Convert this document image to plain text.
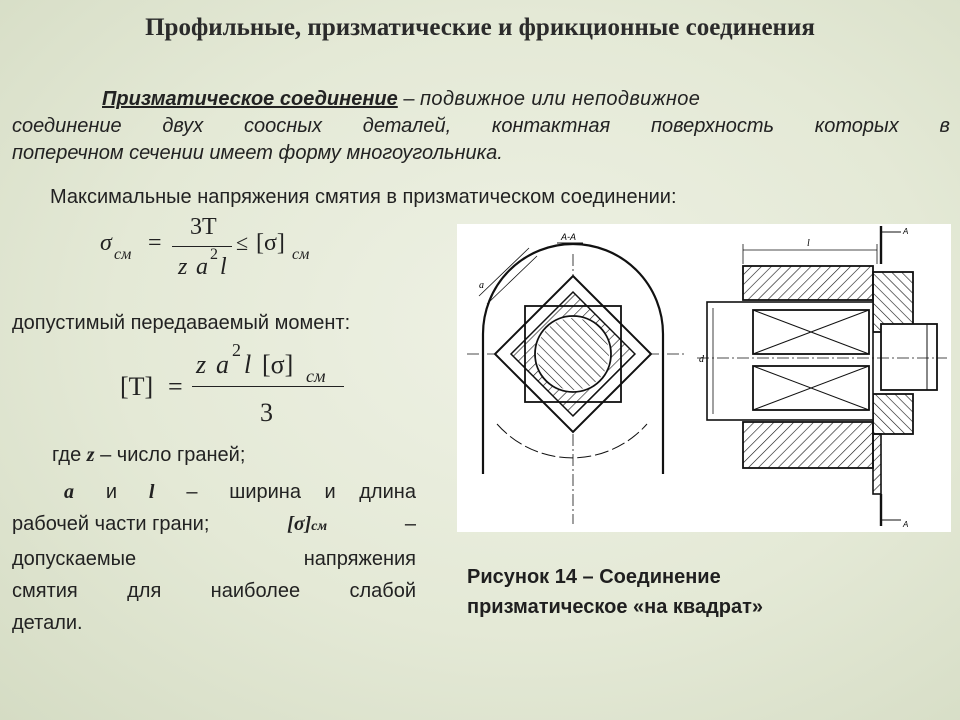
Профильные, призматические и фрикционные соединения
Призматическое соединение – подвижное или неподвижное
соединение двух соосных деталей, контактная поверхность которых в
поперечном сечении имеет форму многоугольника.
Максимальные напряжения смятия в призматическом соединении:
σ см =
3T
z a 2 l
≤ [σ] см
допустимый передаваемый момент:
[T] =
z a 2 l [σ] см
3
где z – число граней;
a и l – ширина и длина
рабочей части грани;	[σ]см	–
допускаемые	напряжения
смятия для наиболее слабой
детали.
А-А
a
l
А
d
А
Рисунок 14 – Соединение
призматическое «на квадрат»
